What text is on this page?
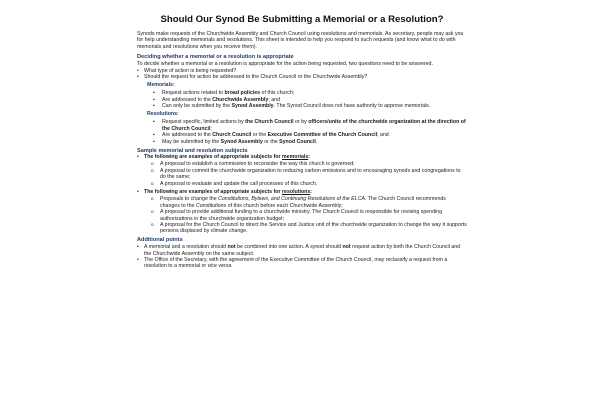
Should Our Synod Be Submitting a Memorial or a Resolution?

Synods make requests of the Churchwide Assembly and Church Council using resolutions and memorials. As secretary, people may ask you for help understanding memorials and resolutions. This sheet is intended to help you respond to such requests (and know what to do with memorials and resolutions when you receive them).

Deciding whether a memorial or a resolution is appropriate

To decide whether a memorial or a resolution is appropriate for the action being requested, two questions need to be answered.

• What type of action is being requested?
• Should the request for action be addressed to the Church Council or the Churchwide Assembly?
Memorials:
▪ Request actions related to broad policies of this church;
▪ Are addressed to the Churchwide Assembly; and
▪ Can only be submitted by the Synod Assembly. The Synod Council does not have authority to approve memorials.
Resolutions:
▪ Request specific, limited actions by the Church Council or by officers/units of the churchwide organization at the direction of the Church Council;
▪ Are addressed to the Church Council or the Executive Committee of the Church Council; and
▪ May be submitted by the Synod Assembly or the Synod Council.
Sample memorial and resolution subjects
• The following are examples of appropriate subjects for memorials:
o A proposal to establish a commission to reconsider the way this church is governed;
o A proposal to commit the churchwide organization to reducing carbon emissions and to encouraging synods and congregations to do the same;
o A proposal to evaluate and update the call processes of this church.
• The following are examples of appropriate subjects for resolutions:
o Proposals to change the Constitutions, Bylaws, and Continuing Resolutions of the ELCA. The Church Council recommends changes to the Constitutions of this church before each Churchwide Assembly;
o A proposal to provide additional funding to a churchwide ministry. The Church Council is responsible for revising spending authorizations in the churchwide organization budget;
o A proposal for the Church Council to direct the Service and Justice unit of the churchwide organization to change the way it supports persons displaced by climate change.
Additional points
• A memorial and a resolution should not be combined into one action. A synod should not request action by both the Church Council and the Churchwide Assembly on the same subject.
• The Office of the Secretary, with the agreement of the Executive Committee of the Church Council, may reclassify a request from a resolution to a memorial or vice versa.
